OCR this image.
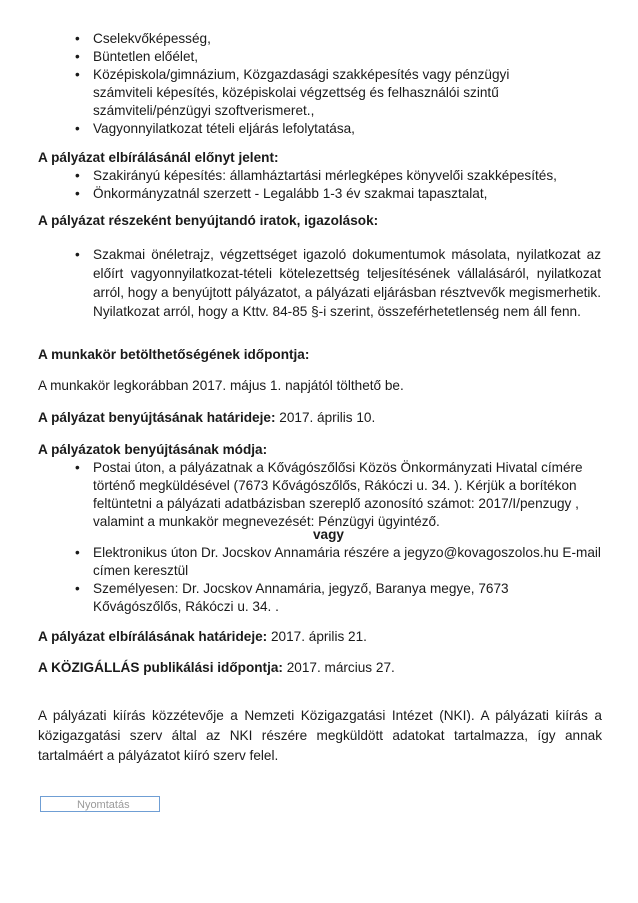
• Cselekvőképesség,
• Büntetlen előélet,
• Középiskola/gimnázium, Közgazdasági szakképesítés vagy pénzügyi számviteli képesítés, középiskolai végzettség és felhasználói szintű számviteli/pénzügyi szoftverismeret.,
• Vagyonnyilatkozat tételi eljárás lefolytatása,
A pályázat elbírálásánál előnyt jelent:
• Szakirányú képesítés: államháztartási mérlegképes könyvelői szakképesítés,
• Önkormányzatnál szerzett - Legalább 1-3 év szakmai tapasztalat,
A pályázat részeként benyújtandó iratok, igazolások:
• Szakmai önéletrajz, végzettséget igazoló dokumentumok másolata, nyilatkozat az előírt vagyonnyilatkozat-tételi kötelezettség teljesítésének vállalásáról, nyilatkozat arról, hogy a benyújtott pályázatot, a pályázati eljárásban résztvevők megismerhetik. Nyilatkozat arról, hogy a Kttv. 84-85 §-i szerint, összeférhetetlenség nem áll fenn.
A munkakör betölthetőségének időpontja:
A munkakör legkorábban 2017. május 1. napjától tölthető be.
A pályázat benyújtásának határideje: 2017. április 10.
A pályázatok benyújtásának módja:
• Postai úton, a pályázatnak a Kővágószőlősi Közös Önkormányzati Hivatal címére történő megküldésével (7673 Kővágószőlős, Rákóczi u. 34. ). Kérjük a borítékon feltüntetni a pályázati adatbázisban szereplő azonosító számot: 2017/I/penzugy , valamint a munkakör megnevezését: Pénzügyi ügyintéző.
vagy
• Elektronikus úton Dr. Jocskov Annamária részére a jegyzo@kovagoszolos.hu E-mail címen keresztül
• Személyesen: Dr. Jocskov Annamária, jegyző, Baranya megye, 7673 Kővágószőlős, Rákóczi u. 34. .
A pályázat elbírálásának határideje: 2017. április 21.
A KÖZIGÁLLÁS publikálási időpontja: 2017. március 27.
A pályázati kiírás közzétevője a Nemzeti Közigazgatási Intézet (NKI). A pályázati kiírás a közigazgatási szerv által az NKI részére megküldött adatokat tartalmazza, így annak tartalmáért a pályázatot kiíró szerv felel.
Nyomtatás
